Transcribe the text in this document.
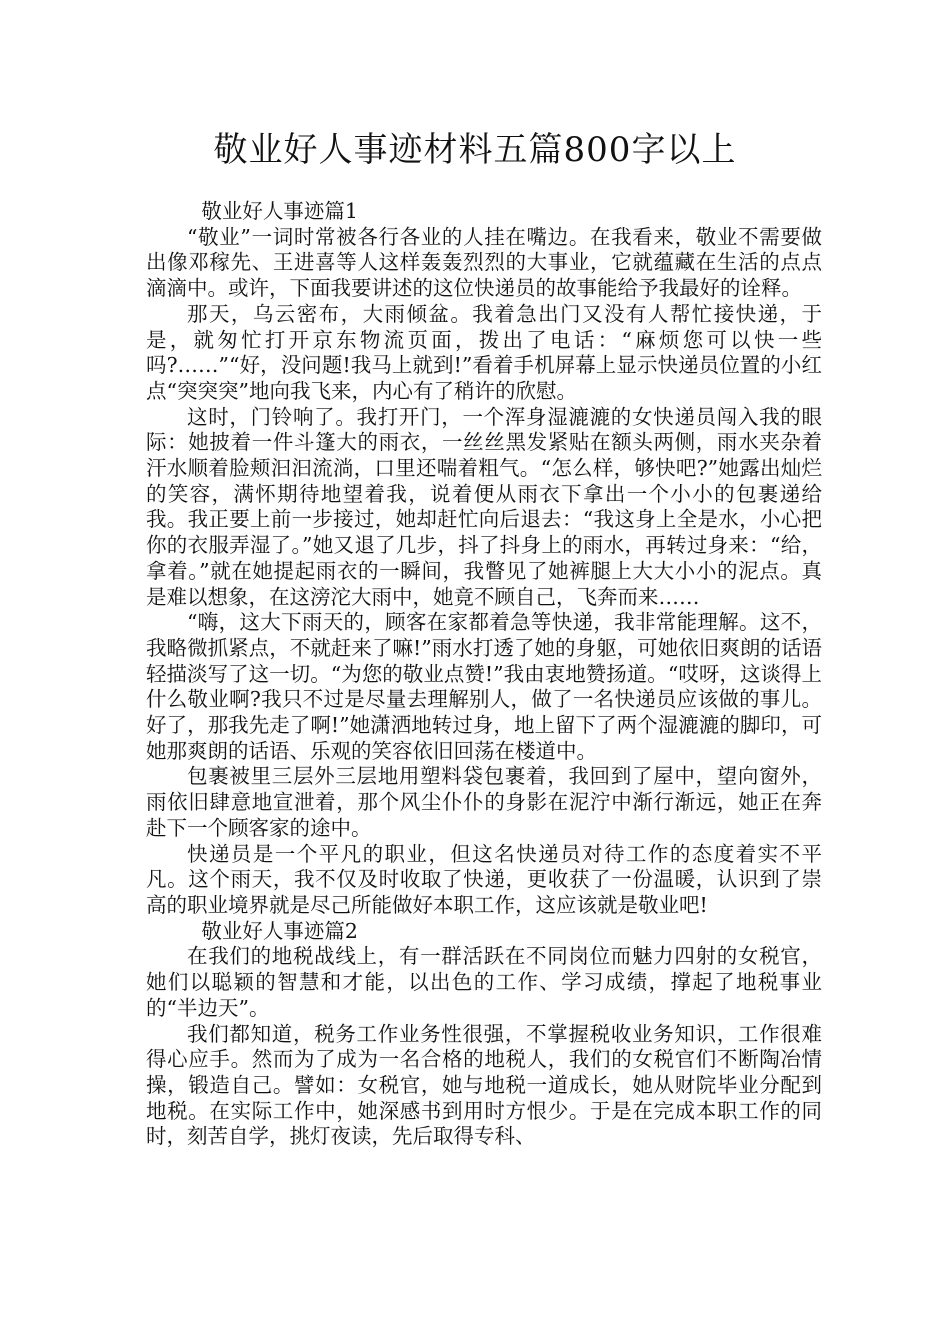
敬业好人事迹材料五篇800字以上

敬业好人事迹篇1

“敬业”一词时常被各行各业的人挂在嘴边。在我看来，敬业不需要做出像邓稼先、王进喜等人这样轰轰烈烈的大事业，它就蕴藏在生活的点点滴滴中。或许，下面我要讲述的这位快递员的故事能给予我最好的诠释。

那天，乌云密布，大雨倾盆。我着急出门又没有人帮忙接快递，于是，就匆忙打开京东物流页面，拨出了电话：“麻烦您可以快一些吗?……”“好，没问题!我马上就到!”看着手机屏幕上显示快递员位置的小红点“突突突”地向我飞来，内心有了稍许的欣慰。

这时，门铃响了。我打开门，一个浑身湿漉漉的女快递员闯入我的眼际：她披着一件斗篷大的雨衣，一丝丝黑发紧贴在额头两侧，雨水夹杂着汗水顺着脸颊汩汩流淌，口里还喘着粗气。“怎么样，够快吧?”她露出灿烂的笑容，满怀期待地望着我，说着便从雨衣下拿出一个小小的包裹递给我。我正要上前一步接过，她却赶忙向后退去：“我这身上全是水，小心把你的衣服弄湿了。”她又退了几步，抖了抖身上的雨水，再转过身来：“给，拿着。”就在她提起雨衣的一瞬间，我瞥见了她裤腿上大大小小的泥点。真是难以想象，在这滂沱大雨中，她竟不顾自己，飞奔而来……

“嗨，这大下雨天的，顾客在家都着急等快递，我非常能理解。这不，我略微抓紧点，不就赶来了嘛!”雨水打透了她的身躯，可她依旧爽朗的话语轻描淡写了这一切。“为您的敬业点赞!”我由衷地赞扬道。“哎呀，这谈得上什么敬业啊?我只不过是尽量去理解别人，做了一名快递员应该做的事儿。好了，那我先走了啊!”她潇洒地转过身，地上留下了两个湿漉漉的脚印，可她那爽朗的话语、乐观的笑容依旧回荡在楼道中。

包裹被里三层外三层地用塑料袋包裹着，我回到了屋中，望向窗外，雨依旧肆意地宣泄着，那个风尘仆仆的身影在泥泞中渐行渐远，她正在奔赴下一个顾客家的途中。

快递员是一个平凡的职业，但这名快递员对待工作的态度着实不平凡。这个雨天，我不仅及时收取了快递，更收获了一份温暖，认识到了崇高的职业境界就是尽己所能做好本职工作，这应该就是敬业吧!

敬业好人事迹篇2

在我们的地税战线上，有一群活跃在不同岗位而魅力四射的女税官，她们以聪颖的智慧和才能，以出色的工作、学习成绩，撑起了地税事业的“半边天”。

我们都知道，税务工作业务性很强，不掌握税收业务知识，工作很难得心应手。然而为了成为一名合格的地税人，我们的女税官们不断陶冶情操，锻造自己。譬如：女税官，她与地税一道成长，她从财院毕业分配到地税。在实际工作中，她深感书到用时方恨少。于是在完成本职工作的同时，刻苦自学，挑灯夜读，先后取得专科、
